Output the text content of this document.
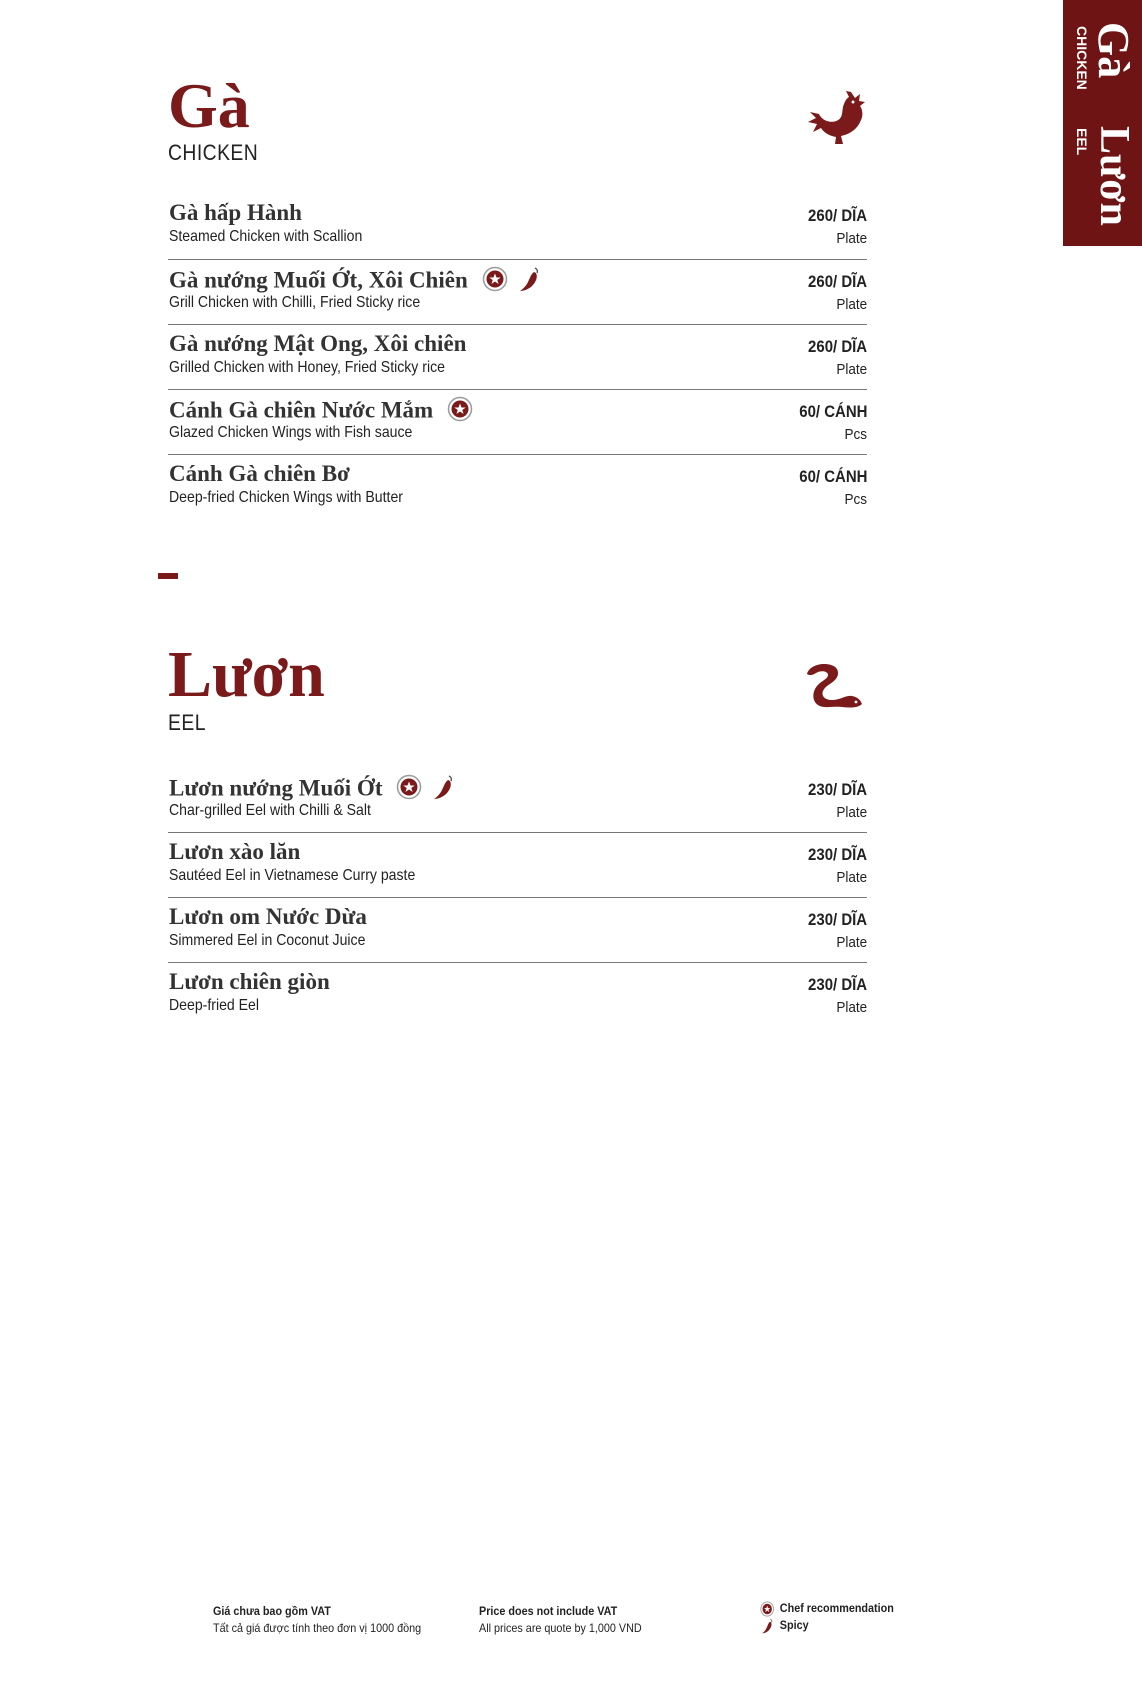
Gà
CHICKEN
Lươn
EEL
Gà
CHICKEN
Gà hấp Hành
Steamed Chicken with Scallion
260/ DĨA
Plate
Gà nướng Muối Ớt, Xôi Chiên
Grill Chicken with Chilli, Fried Sticky rice
260/ DĨA
Plate
Gà nướng Mật Ong, Xôi chiên
Grilled Chicken with Honey, Fried Sticky rice
260/ DĨA
Plate
Cánh Gà chiên Nước Mắm
Glazed Chicken Wings with Fish sauce
60/ CÁNH
Pcs
Cánh Gà chiên Bơ
Deep-fried Chicken Wings with Butter
60/ CÁNH
Pcs
Lươn
EEL
Lươn nướng Muối Ớt
Char-grilled Eel with Chilli & Salt
230/ DĨA
Plate
Lươn xào lăn
Sautéed Eel in Vietnamese Curry paste
230/ DĨA
Plate
Lươn om Nước Dừa
Simmered Eel in Coconut Juice
230/ DĨA
Plate
Lươn chiên giòn
Deep-fried Eel
230/ DĨA
Plate
Giá chưa bao gồm VAT
Tất cả giá được tính theo đơn vị 1000 đồng
Price does not include VAT
All prices are quote by 1,000 VND
Chef recommendation
Spicy
